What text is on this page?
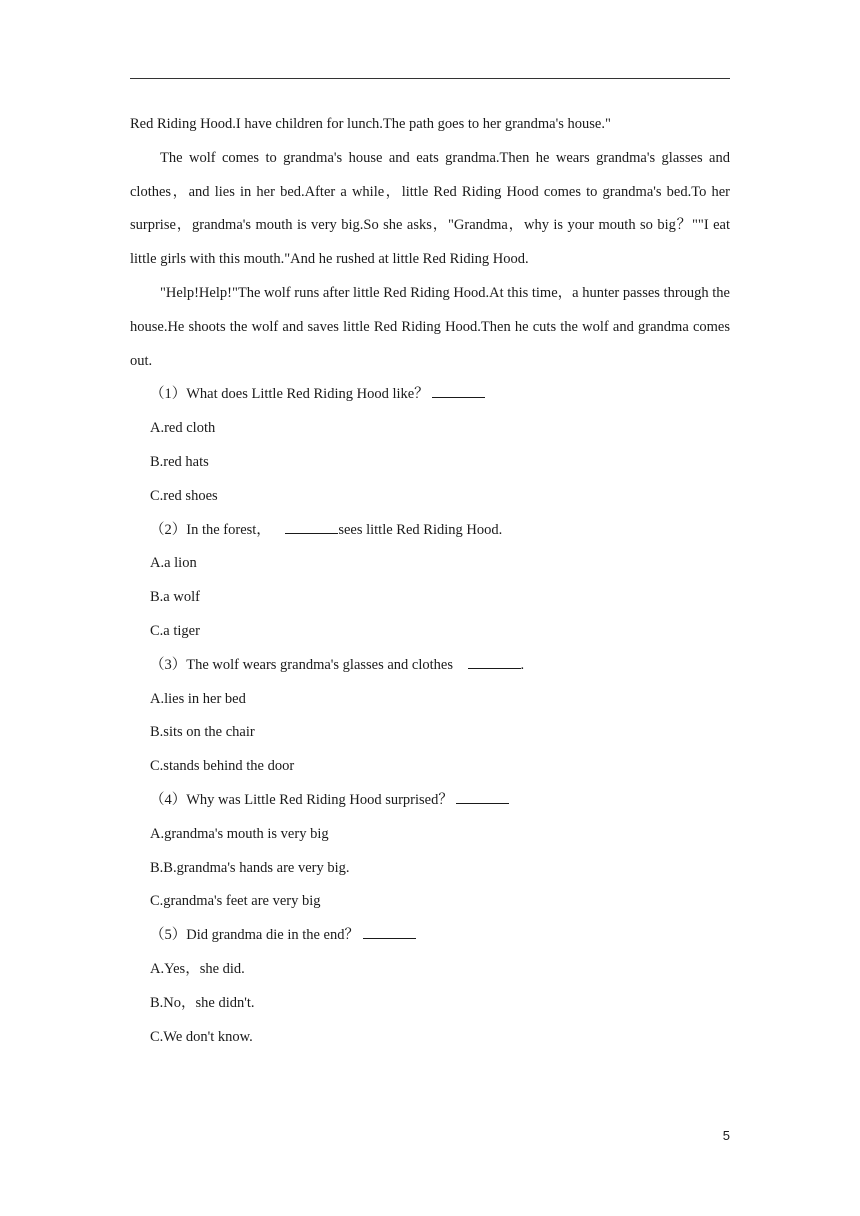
Red Riding Hood.I have children for lunch.The path goes to her grandma's house."

The wolf comes to grandma's house and eats grandma.Then he wears grandma's glasses and clothes，and lies in her bed.After a while，little Red Riding Hood comes to grandma's bed.To her surprise，grandma's mouth is very big.So she asks，"Grandma，why is your mouth so big？""I eat little girls with this mouth."And he rushed at little Red Riding Hood.

"Help!Help!"The wolf runs after little Red Riding Hood.At this time，a hunter passes through the house.He shoots the wolf and saves little Red Riding Hood.Then he cuts the wolf and grandma comes out.

（1）What does Little Red Riding Hood like？

A.red cloth

B.red hats

C.red shoes

（2）In the forest，	sees little Red Riding Hood.

A.a lion

B.a wolf

C.a tiger

（3）The wolf wears grandma's glasses and clothes	.

A.lies in her bed

B.sits on the chair

C.stands behind the door

（4）Why was Little Red Riding Hood surprised？

A.grandma's mouth is very big

B.B.grandma's hands are very big.

C.grandma's feet are very big

（5）Did grandma die in the end？

A.Yes，she did.

B.No，she didn't.

C.We don't know.

5
